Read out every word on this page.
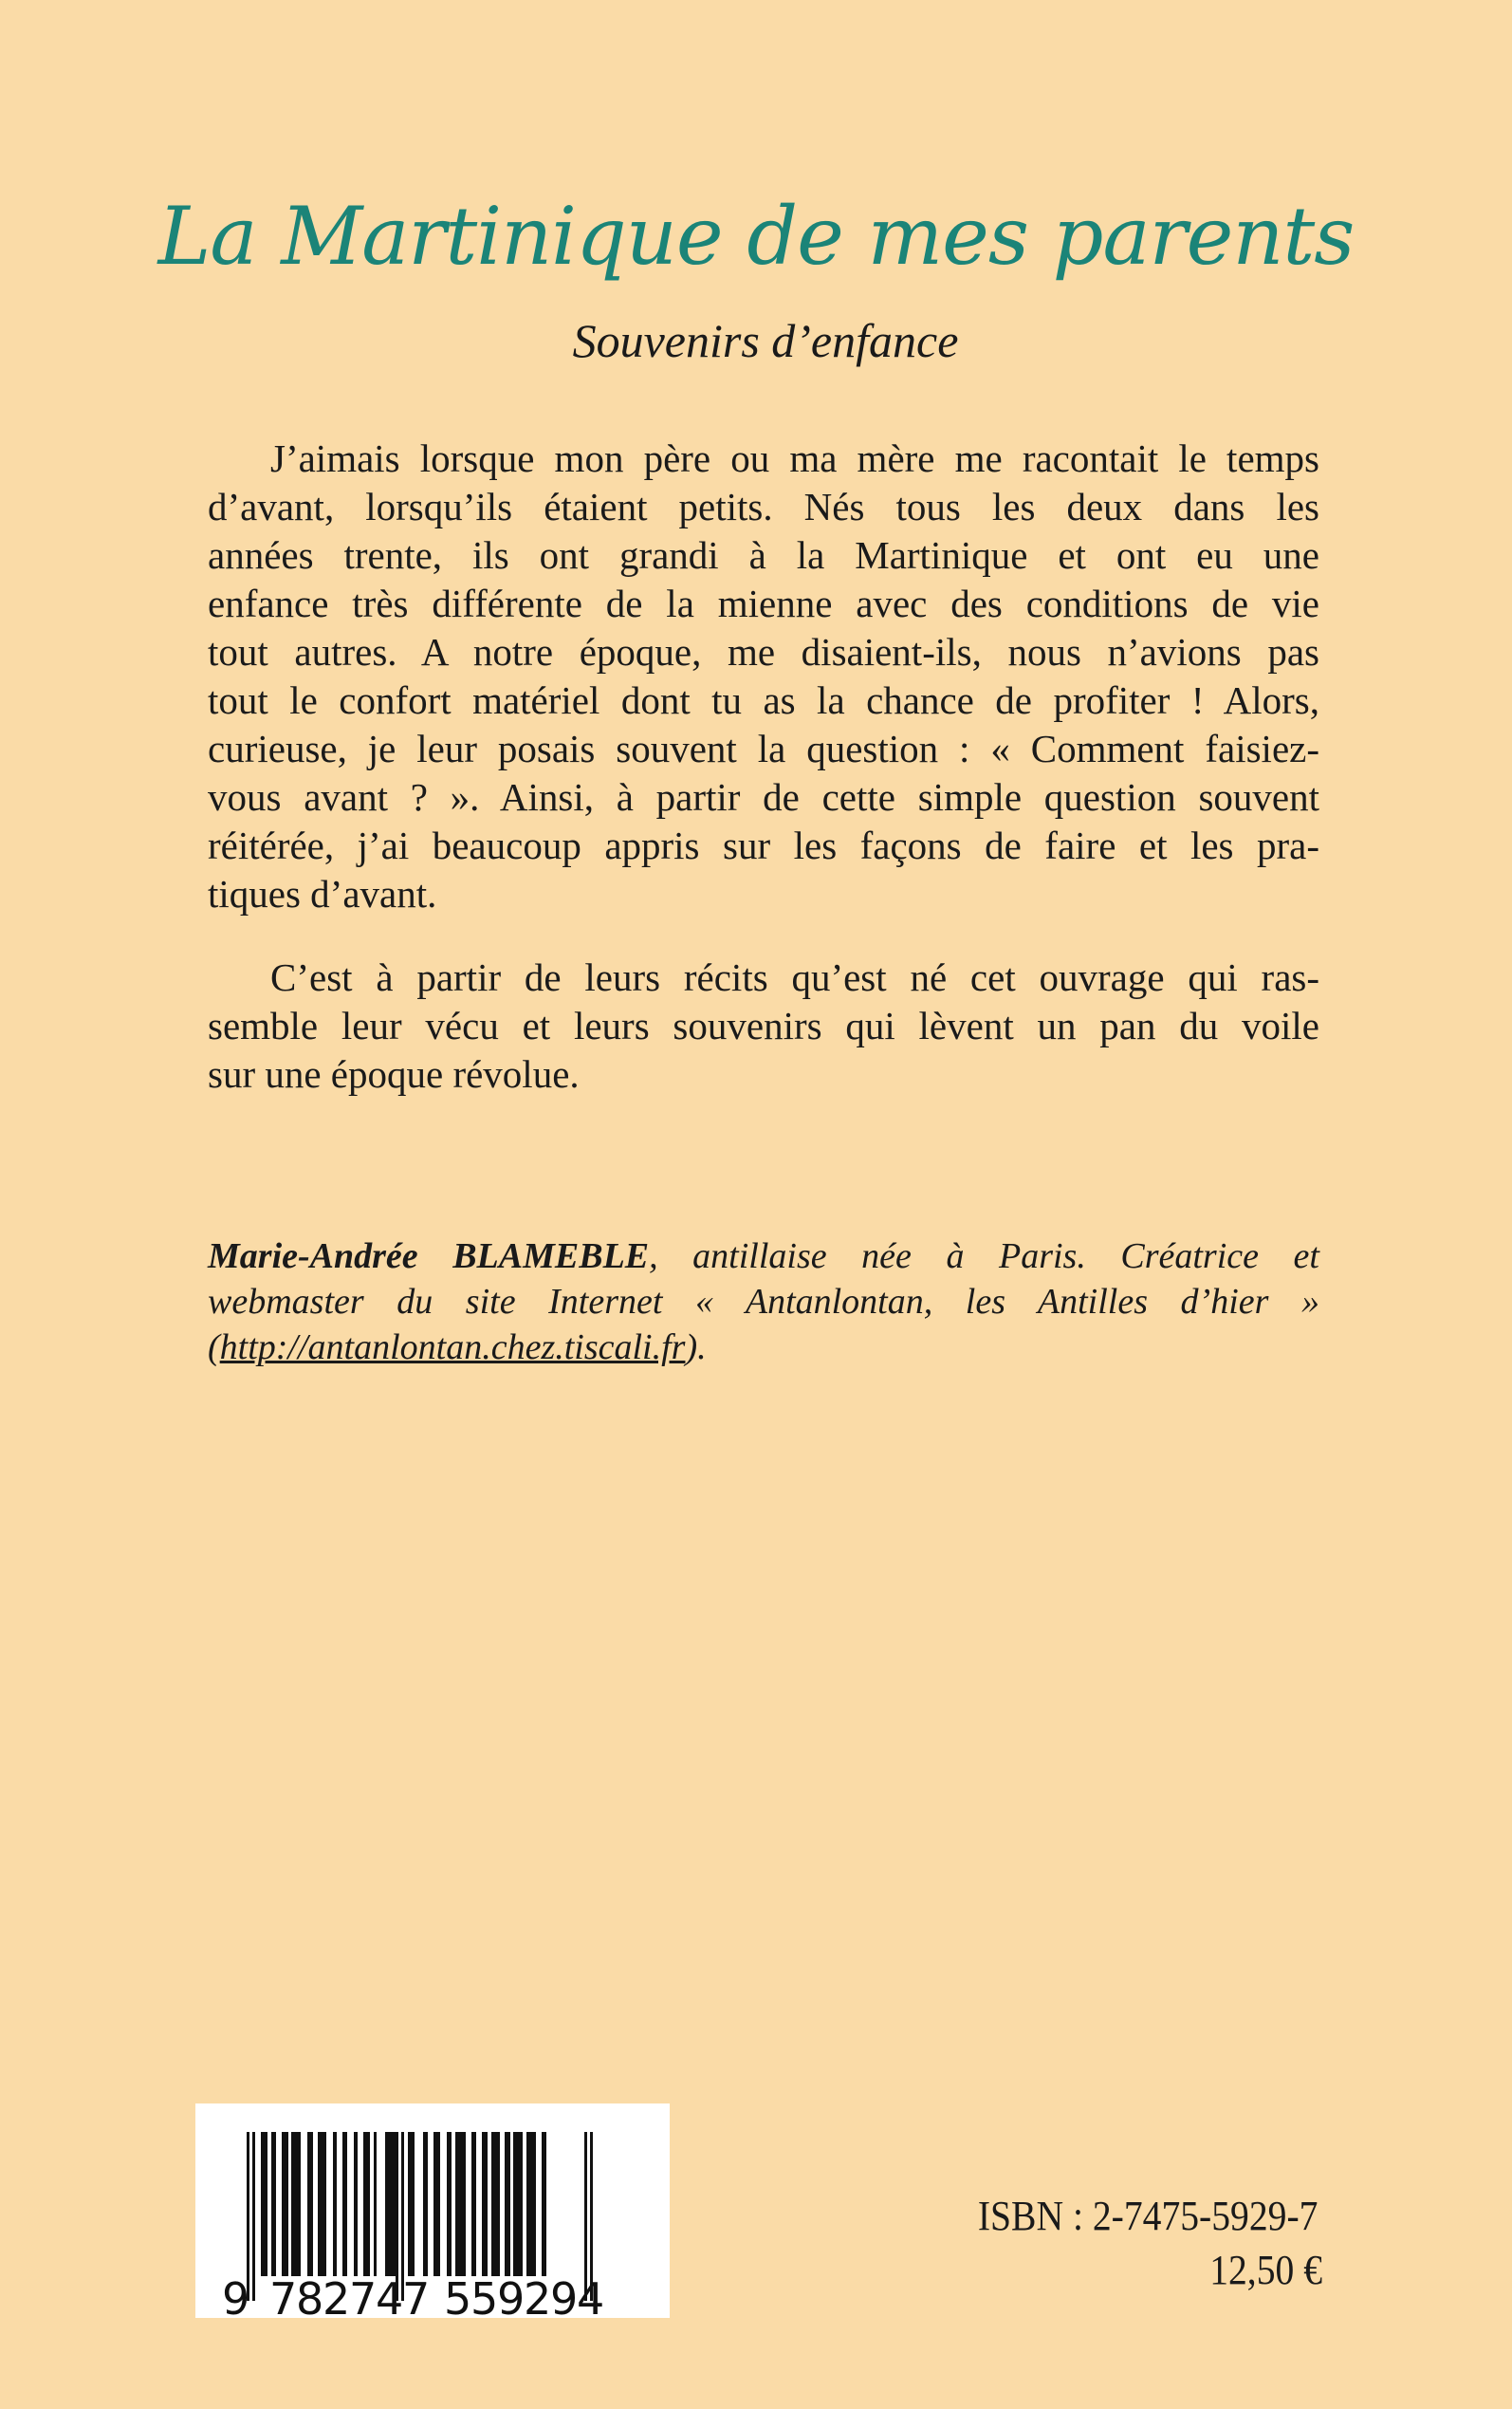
La Martinique de mes parents
Souvenirs d’enfance
J’aimais lorsque mon père ou ma mère me racontait le temps
d’avant, lorsqu’ils étaient petits. Nés tous les deux dans les
années trente, ils ont grandi à la Martinique et ont eu une
enfance très différente de la mienne avec des conditions de vie
tout autres. A notre époque, me disaient-ils, nous n’avions pas
tout le confort matériel dont tu as la chance de profiter ! Alors,
curieuse, je leur posais souvent la question : « Comment faisiez-
vous avant ? ». Ainsi, à partir de cette simple question souvent
réitérée, j’ai beaucoup appris sur les façons de faire et les pra-
tiques d’avant.
C’est à partir de leurs récits qu’est né cet ouvrage qui ras-
semble leur vécu et leurs souvenirs qui lèvent un pan du voile
sur une époque révolue.
Marie-Andrée BLAMEBLE, antillaise née à Paris. Créatrice et
webmaster du site Internet « Antanlontan, les Antilles d’hier »
(http://antanlontan.chez.tiscali.fr).
9 7
8
2
7
4
7 5
5
9
2
9
4
ISBN : 2-7475-5929-7
12,50 €
